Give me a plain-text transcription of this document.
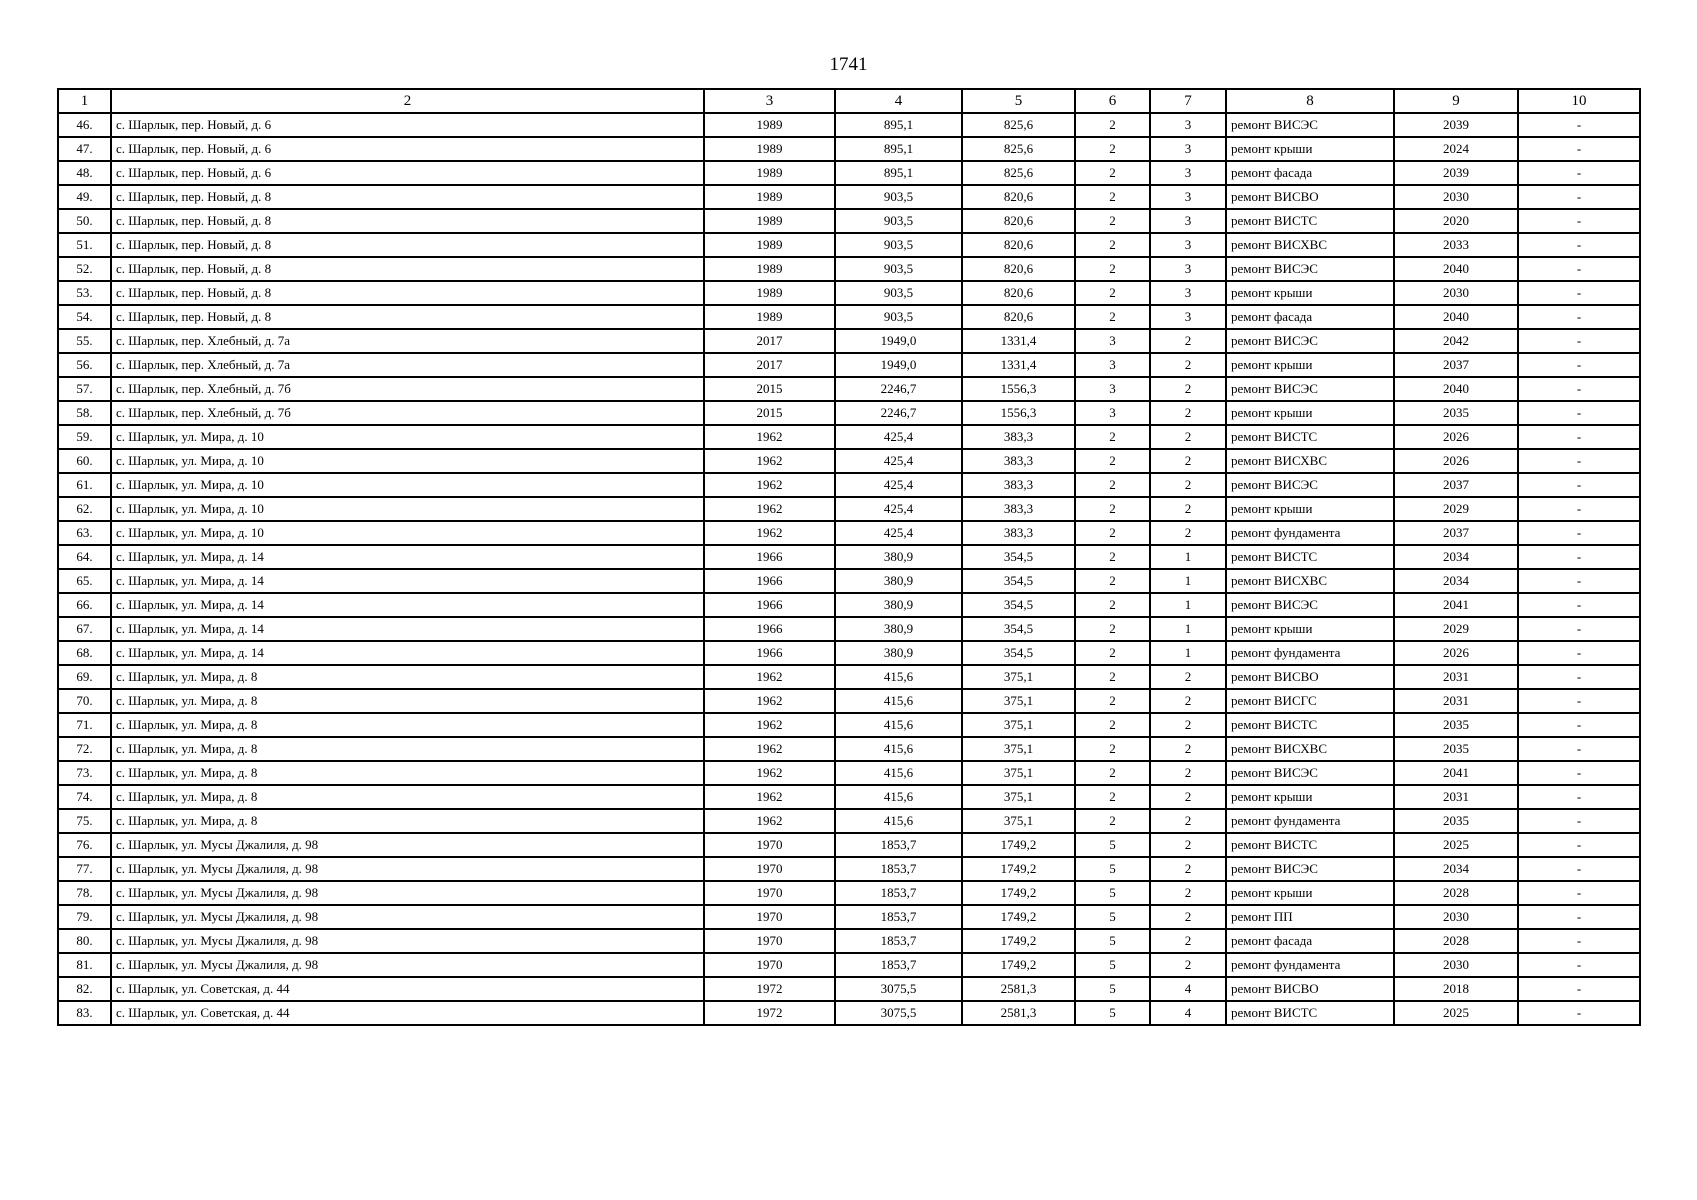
1741
1	2	3	4	5	6	7	8	9	10
46.	с. Шарлык, пер. Новый, д. 6	1989	895,1	825,6	2	3	ремонт ВИСЭС	2039	-
47.	с. Шарлык, пер. Новый, д. 6	1989	895,1	825,6	2	3	ремонт крыши	2024	-
48.	с. Шарлык, пер. Новый, д. 6	1989	895,1	825,6	2	3	ремонт фасада	2039	-
49.	с. Шарлык, пер. Новый, д. 8	1989	903,5	820,6	2	3	ремонт ВИСВО	2030	-
50.	с. Шарлык, пер. Новый, д. 8	1989	903,5	820,6	2	3	ремонт ВИСТС	2020	-
51.	с. Шарлык, пер. Новый, д. 8	1989	903,5	820,6	2	3	ремонт ВИСХВС	2033	-
52.	с. Шарлык, пер. Новый, д. 8	1989	903,5	820,6	2	3	ремонт ВИСЭС	2040	-
53.	с. Шарлык, пер. Новый, д. 8	1989	903,5	820,6	2	3	ремонт крыши	2030	-
54.	с. Шарлык, пер. Новый, д. 8	1989	903,5	820,6	2	3	ремонт фасада	2040	-
55.	с. Шарлык, пер. Хлебный, д. 7а	2017	1949,0	1331,4	3	2	ремонт ВИСЭС	2042	-
56.	с. Шарлык, пер. Хлебный, д. 7а	2017	1949,0	1331,4	3	2	ремонт крыши	2037	-
57.	с. Шарлык, пер. Хлебный, д. 7б	2015	2246,7	1556,3	3	2	ремонт ВИСЭС	2040	-
58.	с. Шарлык, пер. Хлебный, д. 7б	2015	2246,7	1556,3	3	2	ремонт крыши	2035	-
59.	с. Шарлык, ул. Мира, д. 10	1962	425,4	383,3	2	2	ремонт ВИСТС	2026	-
60.	с. Шарлык, ул. Мира, д. 10	1962	425,4	383,3	2	2	ремонт ВИСХВС	2026	-
61.	с. Шарлык, ул. Мира, д. 10	1962	425,4	383,3	2	2	ремонт ВИСЭС	2037	-
62.	с. Шарлык, ул. Мира, д. 10	1962	425,4	383,3	2	2	ремонт крыши	2029	-
63.	с. Шарлык, ул. Мира, д. 10	1962	425,4	383,3	2	2	ремонт фундамента	2037	-
64.	с. Шарлык, ул. Мира, д. 14	1966	380,9	354,5	2	1	ремонт ВИСТС	2034	-
65.	с. Шарлык, ул. Мира, д. 14	1966	380,9	354,5	2	1	ремонт ВИСХВС	2034	-
66.	с. Шарлык, ул. Мира, д. 14	1966	380,9	354,5	2	1	ремонт ВИСЭС	2041	-
67.	с. Шарлык, ул. Мира, д. 14	1966	380,9	354,5	2	1	ремонт крыши	2029	-
68.	с. Шарлык, ул. Мира, д. 14	1966	380,9	354,5	2	1	ремонт фундамента	2026	-
69.	с. Шарлык, ул. Мира, д. 8	1962	415,6	375,1	2	2	ремонт ВИСВО	2031	-
70.	с. Шарлык, ул. Мира, д. 8	1962	415,6	375,1	2	2	ремонт ВИСГС	2031	-
71.	с. Шарлык, ул. Мира, д. 8	1962	415,6	375,1	2	2	ремонт ВИСТС	2035	-
72.	с. Шарлык, ул. Мира, д. 8	1962	415,6	375,1	2	2	ремонт ВИСХВС	2035	-
73.	с. Шарлык, ул. Мира, д. 8	1962	415,6	375,1	2	2	ремонт ВИСЭС	2041	-
74.	с. Шарлык, ул. Мира, д. 8	1962	415,6	375,1	2	2	ремонт крыши	2031	-
75.	с. Шарлык, ул. Мира, д. 8	1962	415,6	375,1	2	2	ремонт фундамента	2035	-
76.	с. Шарлык, ул. Мусы Джалиля, д. 98	1970	1853,7	1749,2	5	2	ремонт ВИСТС	2025	-
77.	с. Шарлык, ул. Мусы Джалиля, д. 98	1970	1853,7	1749,2	5	2	ремонт ВИСЭС	2034	-
78.	с. Шарлык, ул. Мусы Джалиля, д. 98	1970	1853,7	1749,2	5	2	ремонт крыши	2028	-
79.	с. Шарлык, ул. Мусы Джалиля, д. 98	1970	1853,7	1749,2	5	2	ремонт ПП	2030	-
80.	с. Шарлык, ул. Мусы Джалиля, д. 98	1970	1853,7	1749,2	5	2	ремонт фасада	2028	-
81.	с. Шарлык, ул. Мусы Джалиля, д. 98	1970	1853,7	1749,2	5	2	ремонт фундамента	2030	-
82.	с. Шарлык, ул. Советская, д. 44	1972	3075,5	2581,3	5	4	ремонт ВИСВО	2018	-
83.	с. Шарлык, ул. Советская, д. 44	1972	3075,5	2581,3	5	4	ремонт ВИСТС	2025	-
